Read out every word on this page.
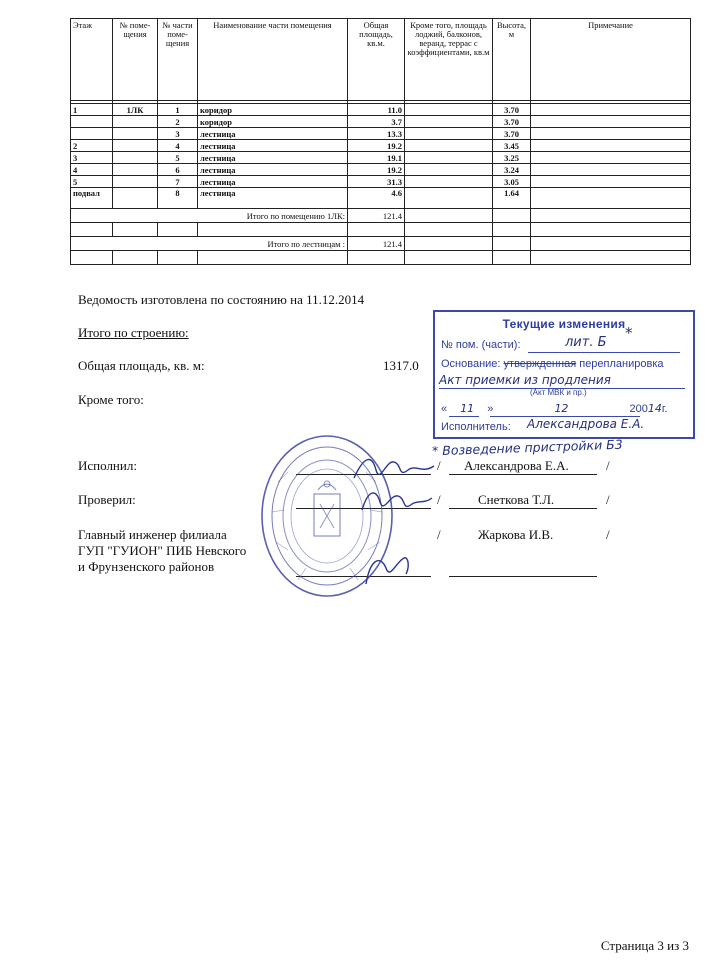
Этаж	№ поме-щения	№ части поме-щения	Наименование части помещения	Общая площадь, кв.м.	Кроме того, площадь лоджий, балконов, веранд, террас с коэффициентами, кв.м	Высота, м	Примечание

1	1ЛК	1	коридор	11.0		3.70	
		2	коридор	3.7		3.70	
		3	лестница	13.3		3.70	
2		4	лестница	19.2		3.45	
3		5	лестница	19.1		3.25	
4		6	лестница	19.2		3.24	
5		7	лестница	31.3		3.05	
подвал		8	лестница	4.6		1.64	
Итого по помещению 1ЛК:				121.4			

Итого по лестницам :				121.4			

Ведомость изготовлена по состоянию на 11.12.2014
Итого по строению:
Общая площадь, кв. м:	1317.0
Кроме того:
Исполнил:	/ Александрова Е.А.	/
Проверил:	/	Снеткова Т.Л.	/
Главный инженер филиала
ГУП "ГУИОН" ПИБ Невского
и Фрунзенского районов
/	Жаркова И.В.	/
Текущие изменения
№ пом. (части):	лит. Б
*
Основание: утвержденная перепланировка
Акт приемки из продления
(Акт МВК и пр.)
« 11 »	12	20014г.
Исполнитель: Александрова Е.А.
* Возведение пристройки Б3
Страница 3 из 3
